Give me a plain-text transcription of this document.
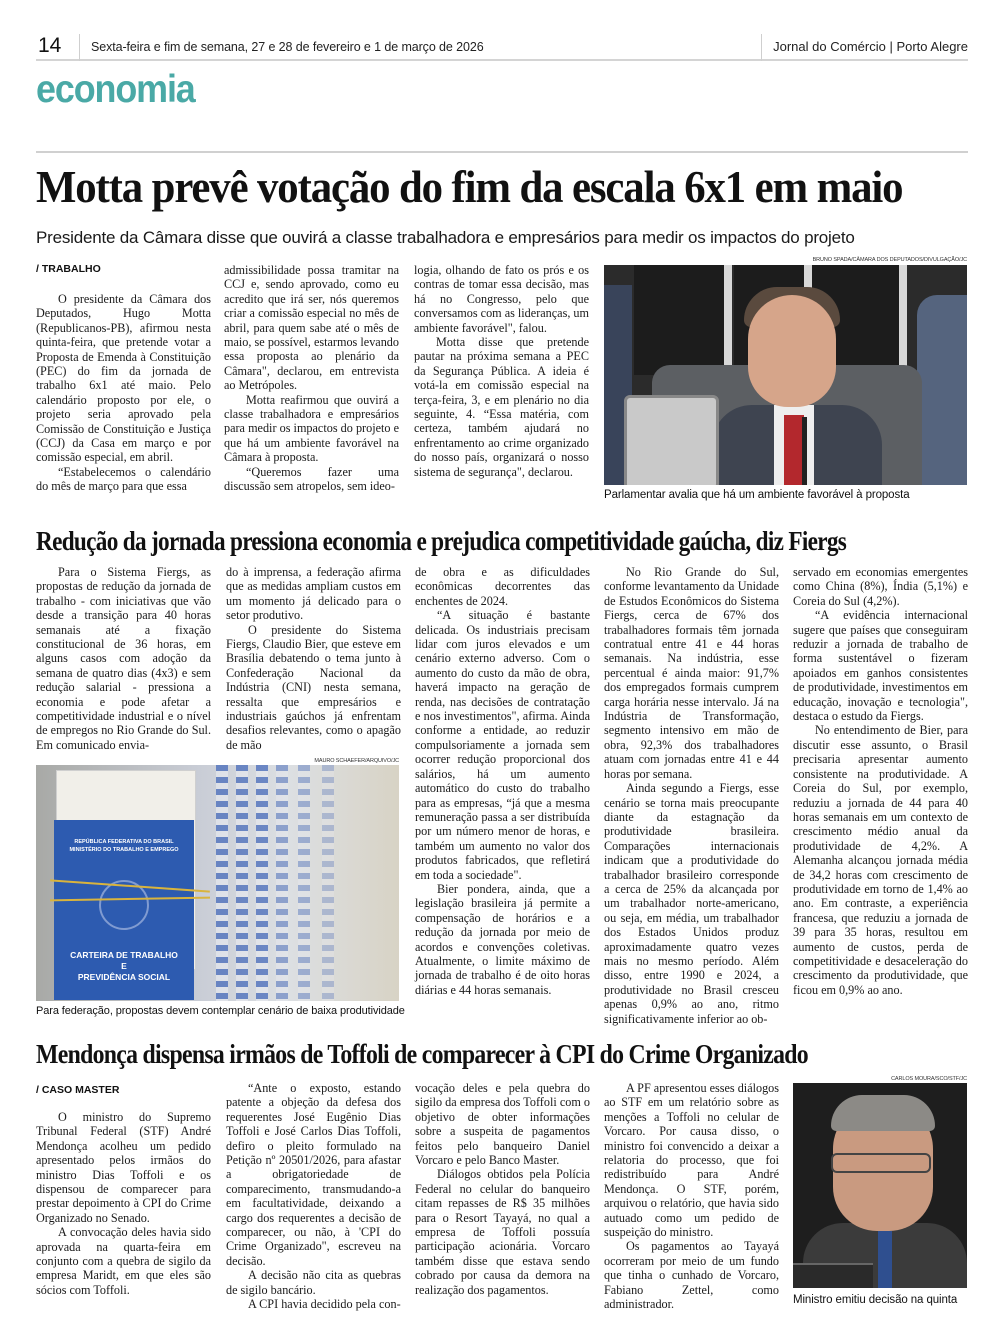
14 Sexta-feira e fim de semana, 27 e 28 de fevereiro e 1 de março de 2026	Jornal do Comércio | Porto Alegre
economia
Motta prevê votação do fim da escala 6x1 em maio
Presidente da Câmara disse que ouvirá a classe trabalhadora e empresários para medir os impactos do projeto
/ TRABALHO

O presidente da Câmara dos Deputados, Hugo Motta (Republicanos-PB), afirmou nesta quinta-feira, que pretende votar a Proposta de Emenda à Constituição (PEC) do fim da jornada de trabalho 6x1 até maio. Pelo calendário proposto por ele, o projeto seria aprovado pela Comissão de Constituição e Justiça (CCJ) da Casa em março e por comissão especial, em abril.

“Estabelecemos o calendário do mês de março para que essa

admissibilidade possa tramitar na CCJ e, sendo aprovado, como eu acredito que irá ser, nós queremos criar a comissão especial no mês de abril, para quem sabe até o mês de maio, se possível, estarmos levando essa proposta ao plenário da Câmara", declarou, em entrevista ao Metrópoles.

Motta reafirmou que ouvirá a classe trabalhadora e empresários para medir os impactos do projeto e que há um ambiente favorável na Câmara à proposta.

“Queremos fazer uma discussão sem atropelos, sem ideo-

logia, olhando de fato os prós e os contras de tomar essa decisão, mas há no Congresso, pelo que conversamos com as lideranças, um ambiente favorável", falou.

Motta disse que pretende pautar na próxima semana a PEC da Segurança Pública. A ideia é votá-la em comissão especial na terça-feira, 3, e em plenário no dia seguinte, 4. “Essa matéria, com certeza, também ajudará no enfrentamento ao crime organizado do nosso país, organizará o nosso sistema de segurança", declarou.

BRUNO SPADA/CÂMARA DOS DEPUTADOS/DIVULGAÇÃO/JC
Parlamentar avalia que há um ambiente favorável à proposta
Redução da jornada pressiona economia e prejudica competitividade gaúcha, diz Fiergs

Para o Sistema Fiergs, as propostas de redução da jornada de trabalho - com iniciativas que vão desde a transição para 40 horas semanais até a fixação constitucional de 36 horas, em alguns casos com adoção da semana de quatro dias (4x3) e sem redução salarial - pressiona a economia e pode afetar a competitividade industrial e o nível de empregos no Rio Grande do Sul. Em comunicado envia-

do à imprensa, a federação afirma que as medidas ampliam custos em um momento já delicado para o setor produtivo.

O presidente do Sistema Fiergs, Claudio Bier, que esteve em Brasília debatendo o tema junto à Confederação Nacional da Indústria (CNI) nesta semana, ressalta que empresários e industriais gaúchos já enfrentam desafios relevantes, como o apagão de mão

MAURO SCHAEFER/ARQUIVO/JC
REPÚBLICA FEDERATIVA DO BRASIL
MINISTÉRIO DO TRABALHO E EMPREGO
CARTEIRA DE TRABALHO
E
PREVIDÊNCIA SOCIAL
Para federação, propostas devem contemplar cenário de baixa produtividade

de obra e as dificuldades econômicas decorrentes das enchentes de 2024.

“A situação é bastante delicada. Os industriais precisam lidar com juros elevados e um cenário externo adverso. Com o aumento do custo da mão de obra, haverá impacto na geração de renda, nas decisões de contratação e nos investimentos", afirma. Ainda conforme a entidade, ao reduzir compulsoriamente a jornada sem ocorrer redução proporcional dos salários, há um aumento automático do custo do trabalho para as empresas, “já que a mesma remuneração passa a ser distribuída por um número menor de horas, e também um aumento no valor dos produtos fabricados, que refletirá em toda a sociedade".

Bier pondera, ainda, que a legislação brasileira já permite a compensação de horários e a redução da jornada por meio de acordos e convenções coletivas. Atualmente, o limite máximo de jornada de trabalho é de oito horas diárias e 44 horas semanais.

No Rio Grande do Sul, conforme levantamento da Unidade de Estudos Econômicos do Sistema Fiergs, cerca de 67% dos trabalhadores formais têm jornada contratual entre 41 e 44 horas semanais. Na indústria, esse percentual é ainda maior: 91,7% dos empregados formais cumprem carga horária nesse intervalo. Já na Indústria de Transformação, segmento intensivo em mão de obra, 92,3% dos trabalhadores atuam com jornadas entre 41 e 44 horas por semana.

Ainda segundo a Fiergs, esse cenário se torna mais preocupante diante da estagnação da produtividade brasileira. Comparações internacionais indicam que a produtividade do trabalhador brasileiro corresponde a cerca de 25% da alcançada por um trabalhador norte-americano, ou seja, em média, um trabalhador dos Estados Unidos produz aproximadamente quatro vezes mais no mesmo período. Além disso, entre 1990 e 2024, a produtividade no Brasil cresceu apenas 0,9% ao ano, ritmo significativamente inferior ao ob-

servado em economias emergentes como China (8%), Índia (5,1%) e Coreia do Sul (4,2%).

“A evidência internacional sugere que países que conseguiram reduzir a jornada de trabalho de forma sustentável o fizeram apoiados em ganhos consistentes de produtividade, investimentos em educação, inovação e tecnologia", destaca o estudo da Fiergs.

No entendimento de Bier, para discutir esse assunto, o Brasil precisaria apresentar aumento consistente na produtividade. A Coreia do Sul, por exemplo, reduziu a jornada de 44 para 40 horas semanais em um contexto de crescimento médio anual da produtividade de 4,2%. A Alemanha alcançou jornada média de 34,2 horas com crescimento de produtividade em torno de 1,4% ao ano. Em contraste, a experiência francesa, que reduziu a jornada de 39 para 35 horas, resultou em aumento de custos, perda de competitividade e desaceleração do crescimento da produtividade, que ficou em 0,9% ao ano.

Mendonça dispensa irmãos de Toffoli de comparecer à CPI do Crime Organizado
/ CASO MASTER

O ministro do Supremo Tribunal Federal (STF) André Mendonça acolheu um pedido apresentado pelos irmãos do ministro Dias Toffoli e os dispensou de comparecer para prestar depoimento à CPI do Crime Organizado no Senado.

A convocação deles havia sido aprovada na quarta-feira em conjunto com a quebra de sigilo da empresa Maridt, em que eles são sócios com Toffoli.

“Ante o exposto, estando patente a objeção da defesa dos requerentes José Eugênio Dias Toffoli e José Carlos Dias Toffoli, defiro o pleito formulado na Petição nº 20501/2026, para afastar a obrigatoriedade de comparecimento, transmudando-a em facultatividade, deixando a cargo dos requerentes a decisão de comparecer, ou não, à 'CPI do Crime Organizado", escreveu na decisão.

A decisão não cita as quebras de sigilo bancário.

A CPI havia decidido pela con-

vocação deles e pela quebra do sigilo da empresa dos Toffoli com o objetivo de obter informações sobre a suspeita de pagamentos feitos pelo banqueiro Daniel Vorcaro e pelo Banco Master.

Diálogos obtidos pela Polícia Federal no celular do banqueiro citam repasses de R$ 35 milhões para o Resort Tayayá, no qual a empresa de Toffoli possuía participação acionária. Vorcaro também disse que estava sendo cobrado por causa da demora na realização dos pagamentos.

A PF apresentou esses diálogos ao STF em um relatório sobre as menções a Toffoli no celular de Vorcaro. Por causa disso, o ministro foi convencido a deixar a relatoria do processo, que foi redistribuído para André Mendonça. O STF, porém, arquivou o relatório, que havia sido autuado como um pedido de suspeição do ministro.

Os pagamentos ao Tayayá ocorreram por meio de um fundo que tinha o cunhado de Vorcaro, Fabiano Zettel, como administrador.

CARLOS MOURA/SCO/STF/JC
Ministro emitiu decisão na quinta
